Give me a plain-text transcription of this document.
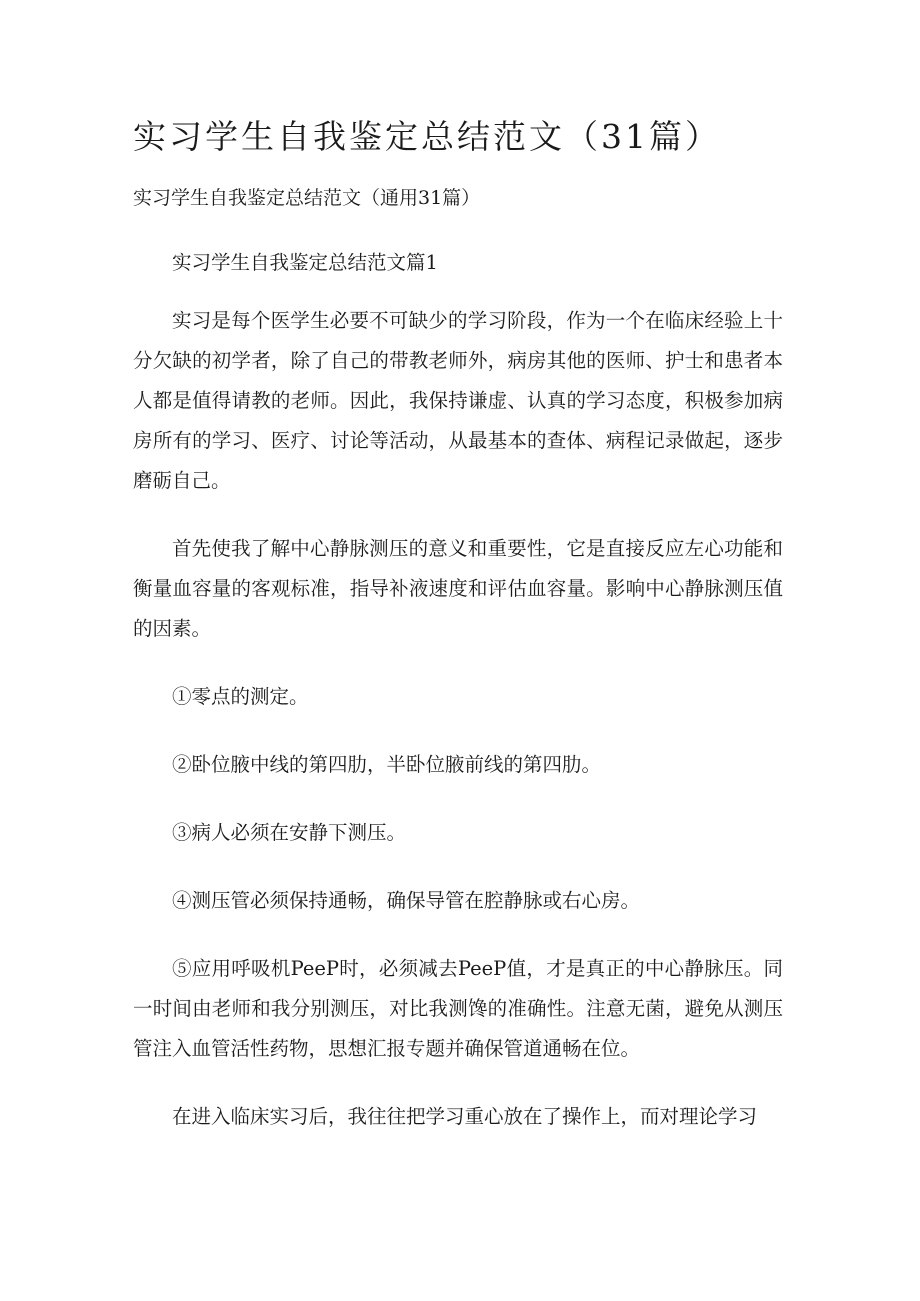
实习学生自我鉴定总结范文（31篇）
实习学生自我鉴定总结范文（通用31篇）

实习学生自我鉴定总结范文篇1

实习是每个医学生必要不可缺少的学习阶段，作为一个在临床经验上十分欠缺的初学者，除了自己的带教老师外，病房其他的医师、护士和患者本人都是值得请教的老师。因此，我保持谦虚、认真的学习态度，积极参加病房所有的学习、医疗、讨论等活动，从最基本的查体、病程记录做起，逐步磨砺自己。

首先使我了解中心静脉测压的意义和重要性，它是直接反应左心功能和衡量血容量的客观标准，指导补液速度和评估血容量。影响中心静脉测压值的因素。

①零点的测定。

②卧位腋中线的第四肋，半卧位腋前线的第四肋。

③病人必须在安静下测压。

④测压管必须保持通畅，确保导管在腔静脉或右心房。

⑤应用呼吸机PeeP时，必须减去PeeP值，才是真正的中心静脉压。同一时间由老师和我分别测压，对比我测馋的准确性。注意无菌，避免从测压管注入血管活性药物，思想汇报专题并确保管道通畅在位。

在进入临床实习后，我往往把学习重心放在了操作上，而对理论学习
